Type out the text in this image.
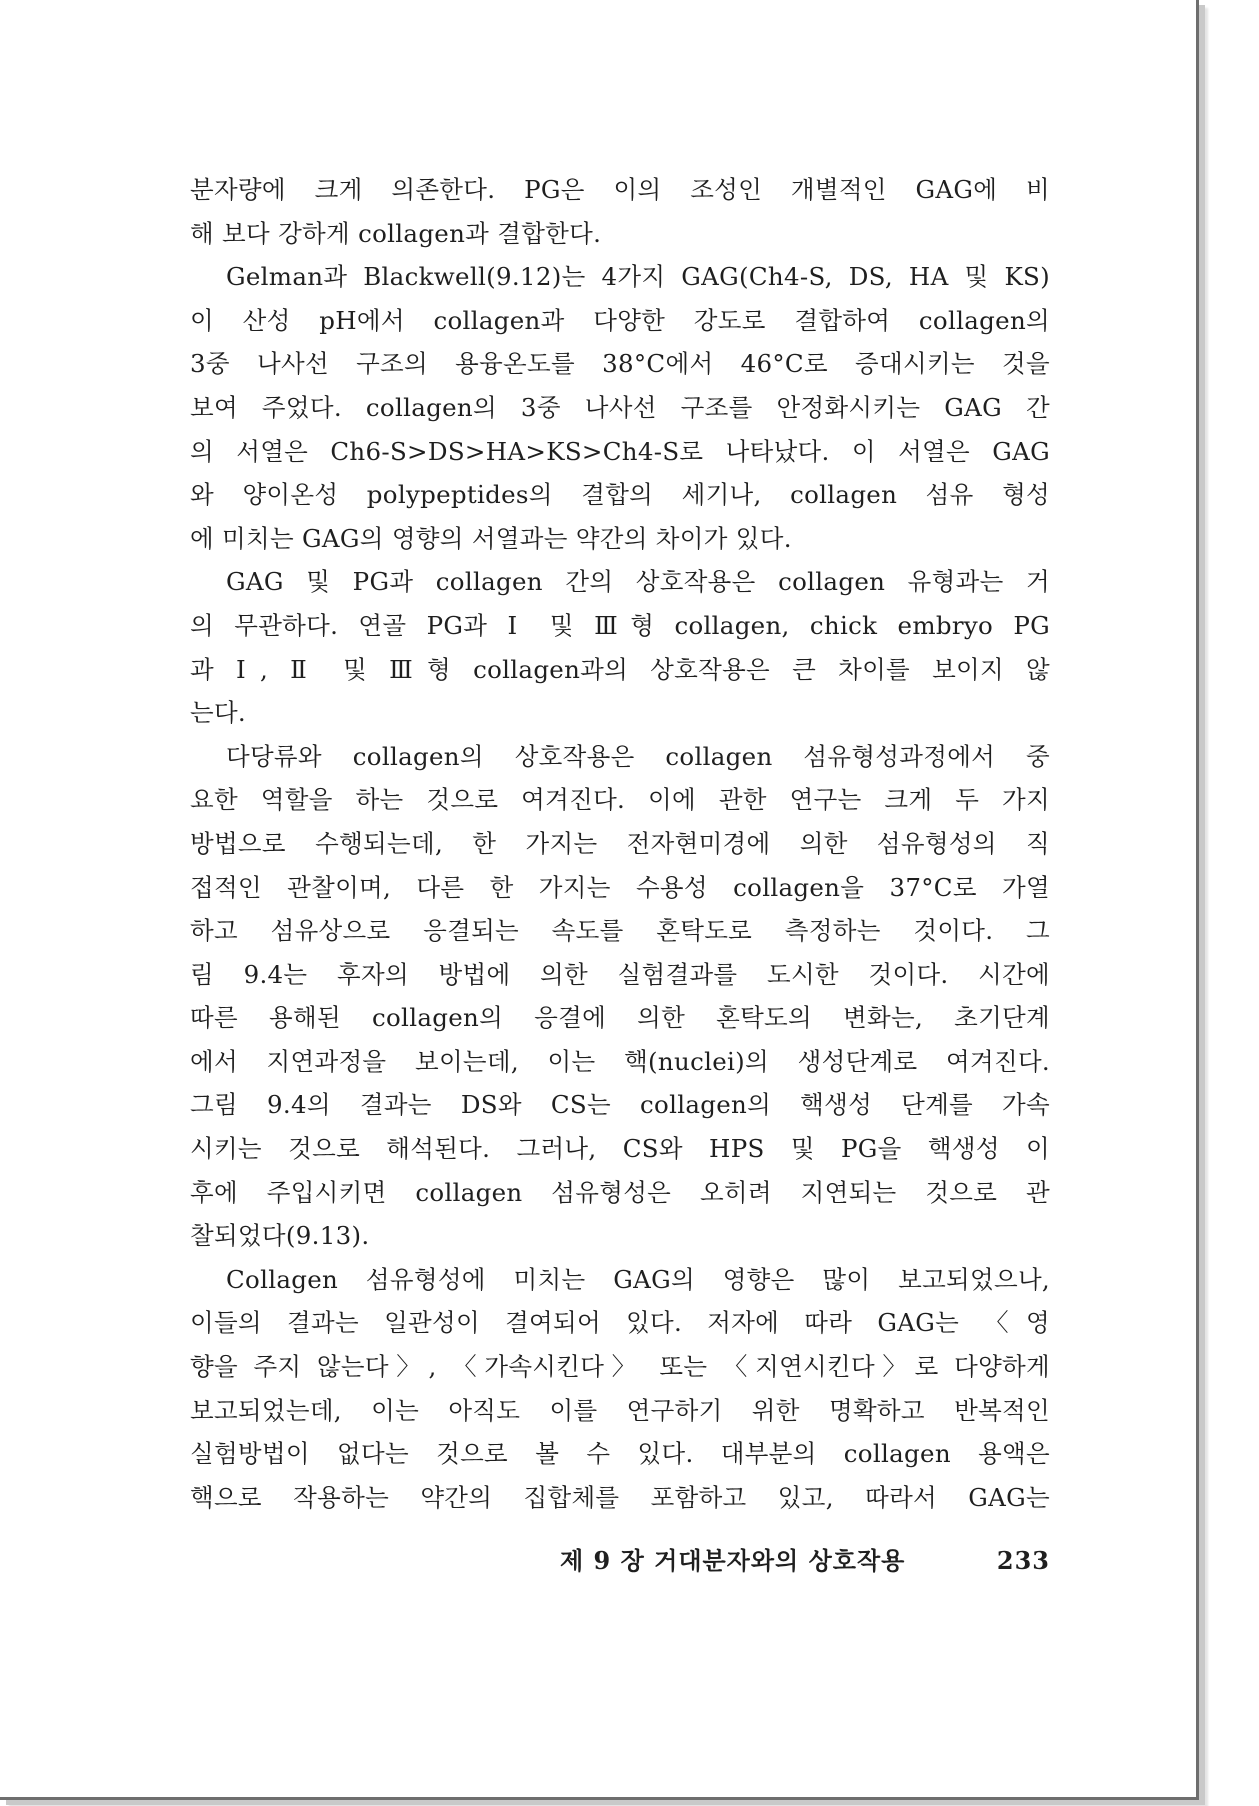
분자량에 크게 의존한다. PG은 이의 조성인 개별적인 GAG에 비
해 보다 강하게 collagen과 결합한다.
Gelman과 Blackwell(9.12)는 4가지 GAG(Ch4-S, DS, HA 및 KS)
이 산성 pH에서 collagen과 다양한 강도로 결합하여 collagen의
3중 나사선 구조의 용융온도를 38°C에서 46°C로 증대시키는 것을
보여 주었다. collagen의 3중 나사선 구조를 안정화시키는 GAG 간
의 서열은 Ch6-S>DS>HA>KS>Ch4-S로 나타났다. 이 서열은 GAG
와 양이온성 polypeptides의 결합의 세기나, collagen 섬유 형성
에 미치는 GAG의 영향의 서열과는 약간의 차이가 있다.
GAG 및 PG과 collagen 간의 상호작용은 collagen 유형과는 거
의 무관하다. 연골 PG과 Ⅰ 및 Ⅲ형 collagen, chick embryo PG
과 Ⅰ, Ⅱ 및 Ⅲ형 collagen과의 상호작용은 큰 차이를 보이지 않
는다.
다당류와 collagen의 상호작용은 collagen 섬유형성과정에서 중
요한 역할을 하는 것으로 여겨진다. 이에 관한 연구는 크게 두 가지
방법으로 수행되는데, 한 가지는 전자현미경에 의한 섬유형성의 직
접적인 관찰이며, 다른 한 가지는 수용성 collagen을 37°C로 가열
하고 섬유상으로 응결되는 속도를 혼탁도로 측정하는 것이다. 그
림 9.4는 후자의 방법에 의한 실험결과를 도시한 것이다. 시간에
따른 용해된 collagen의 응결에 의한 혼탁도의 변화는, 초기단계
에서 지연과정을 보이는데, 이는 핵(nuclei)의 생성단계로 여겨진다.
그림 9.4의 결과는 DS와 CS는 collagen의 핵생성 단계를 가속
시키는 것으로 해석된다. 그러나, CS와 HPS 및 PG을 핵생성 이
후에 주입시키면 collagen 섬유형성은 오히려 지연되는 것으로 관
찰되었다(9.13).
Collagen 섬유형성에 미치는 GAG의 영향은 많이 보고되었으나,
이들의 결과는 일관성이 결여되어 있다. 저자에 따라 GAG는 〈영
향을 주지 않는다〉, 〈가속시킨다〉 또는 〈지연시킨다〉로 다양하게
보고되었는데, 이는 아직도 이를 연구하기 위한 명확하고 반복적인
실험방법이 없다는 것으로 볼 수 있다. 대부분의 collagen 용액은
핵으로 작용하는 약간의 집합체를 포함하고 있고, 따라서 GAG는
제 9 장 거대분자와의 상호작용	233
